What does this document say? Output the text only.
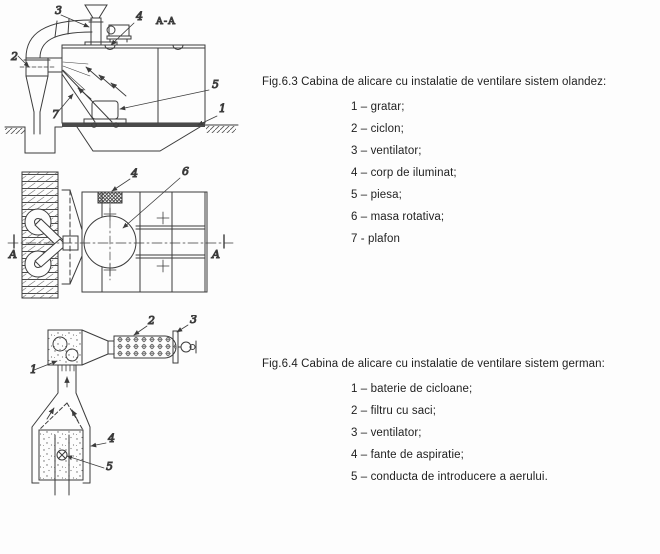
2
3	4 A-A
5
7	1
A	A
4	6
1
2	3
4
5

Fig.6.3 Cabina de alicare cu instalatie de ventilare sistem olandez:

1 – gratar;
2 – ciclon;
3 – ventilator;
4 – corp de iluminat;
5 – piesa;
6 – masa rotativa;
7 - plafon

Fig.6.4 Cabina de alicare cu instalatie de ventilare sistem german:

1 – baterie de cicloane;
2 – filtru cu saci;
3 – ventilator;
4 – fante de aspiratie;
5 – conducta de introducere a aerului.
